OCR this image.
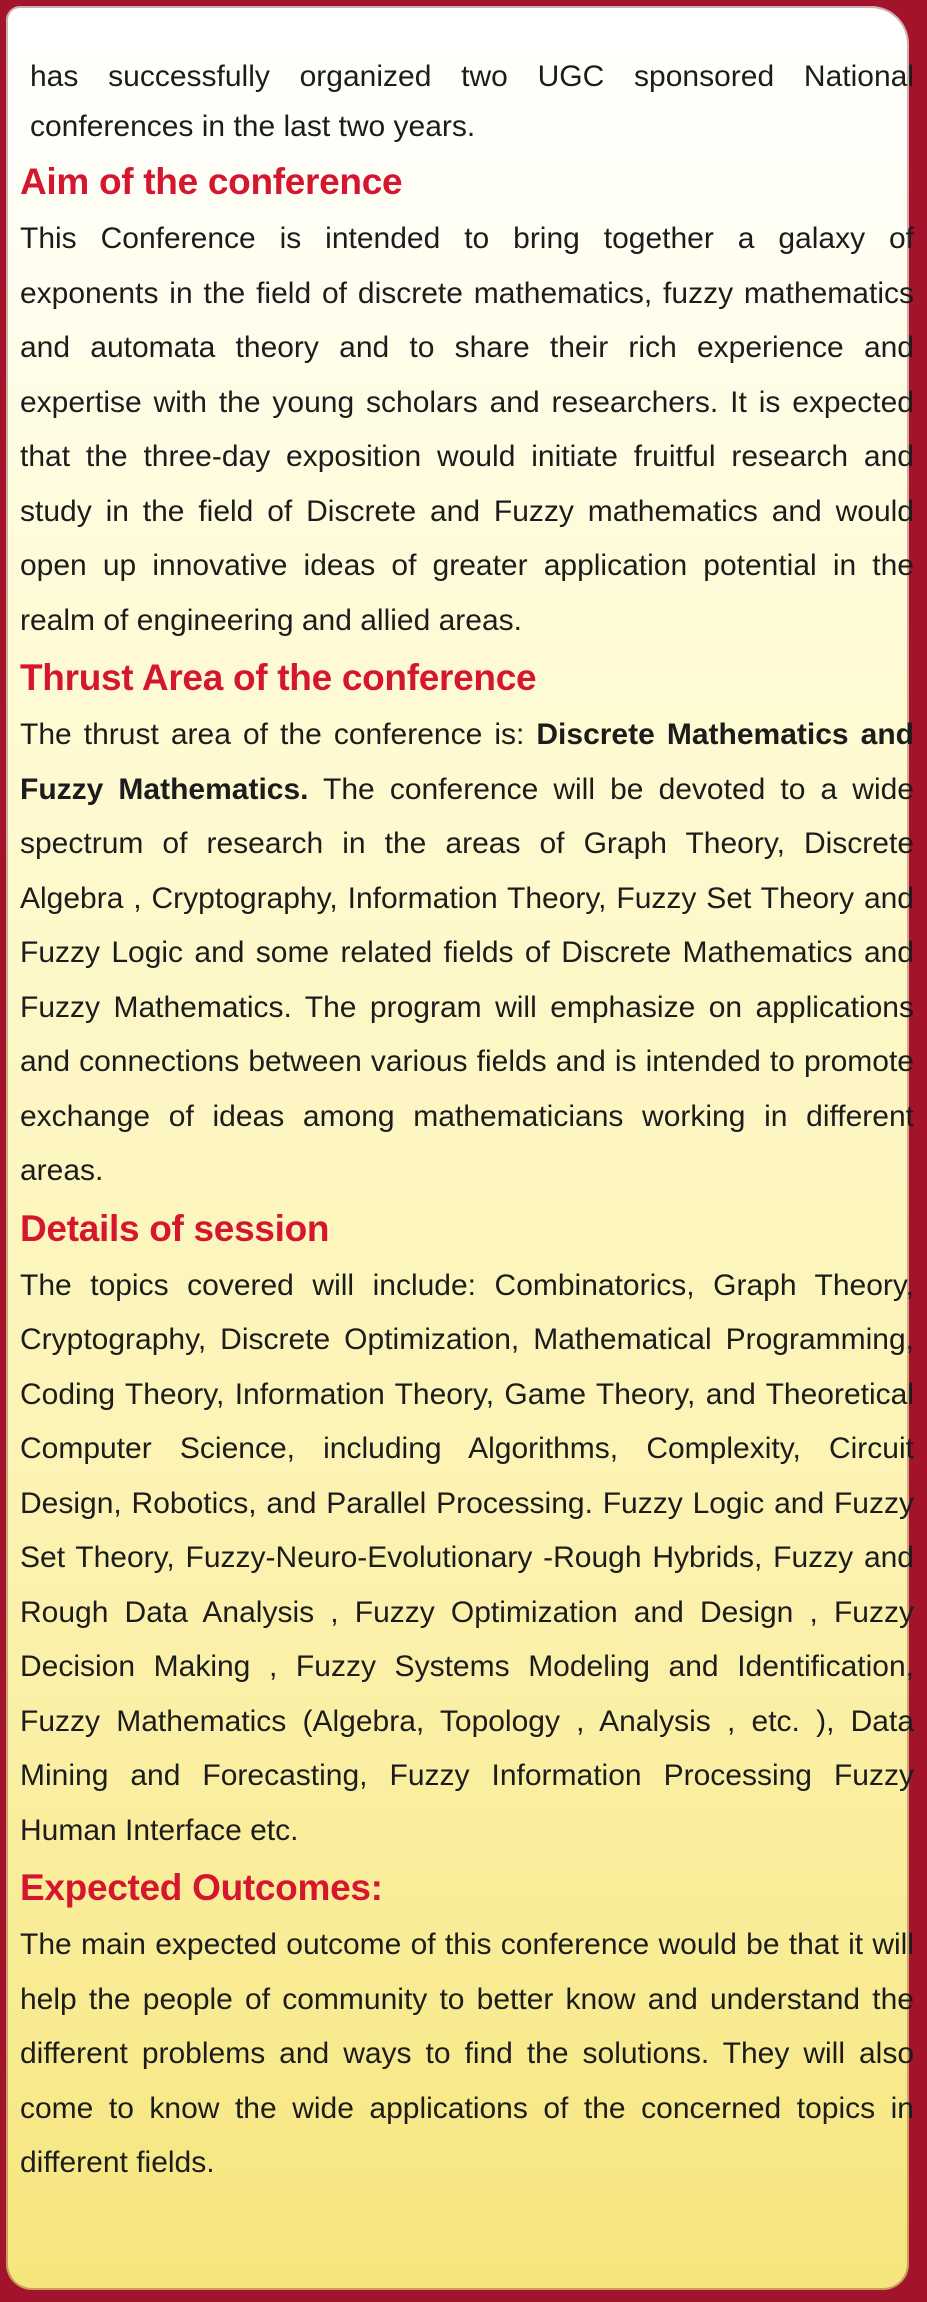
has successfully organized two UGC sponsored National conferences in the last two years.

Aim of the conference

This Conference is intended to bring together a galaxy of exponents in the field of discrete mathematics, fuzzy mathematics and automata theory and to share their rich experience and expertise with the young scholars and researchers. It is expected that the three-day exposition would initiate fruitful research and study in the field of Discrete and Fuzzy mathematics and would open up innovative ideas of greater application potential in the realm of engineering and allied areas.

Thrust Area of the conference

The thrust area of the conference is: Discrete Mathematics and Fuzzy Mathematics. The conference will be devoted to a wide spectrum of research in the areas of Graph Theory, Discrete Algebra , Cryptography, Information Theory, Fuzzy Set Theory and Fuzzy Logic and some related fields of Discrete Mathematics and Fuzzy Mathematics. The program will emphasize on applications and connections between various fields and is intended to promote exchange of ideas among mathematicians working in different areas.

Details of session

The topics covered will include: Combinatorics, Graph Theory, Cryptography, Discrete Optimization, Mathematical Programming, Coding Theory, Information Theory, Game Theory, and Theoretical Computer Science, including Algorithms, Complexity, Circuit Design, Robotics, and Parallel Processing. Fuzzy Logic and Fuzzy Set Theory, Fuzzy-Neuro-Evolutionary -Rough Hybrids, Fuzzy and Rough Data Analysis , Fuzzy Optimization and Design , Fuzzy Decision Making , Fuzzy Systems Modeling and Identification, Fuzzy Mathematics (Algebra, Topology , Analysis , etc. ), Data Mining and Forecasting, Fuzzy Information Processing Fuzzy Human Interface etc.

Expected Outcomes:

The main expected outcome of this conference would be that it will help the people of community to better know and understand the different problems and ways to find the solutions. They will also come to know the wide applications of the concerned topics in different fields.
